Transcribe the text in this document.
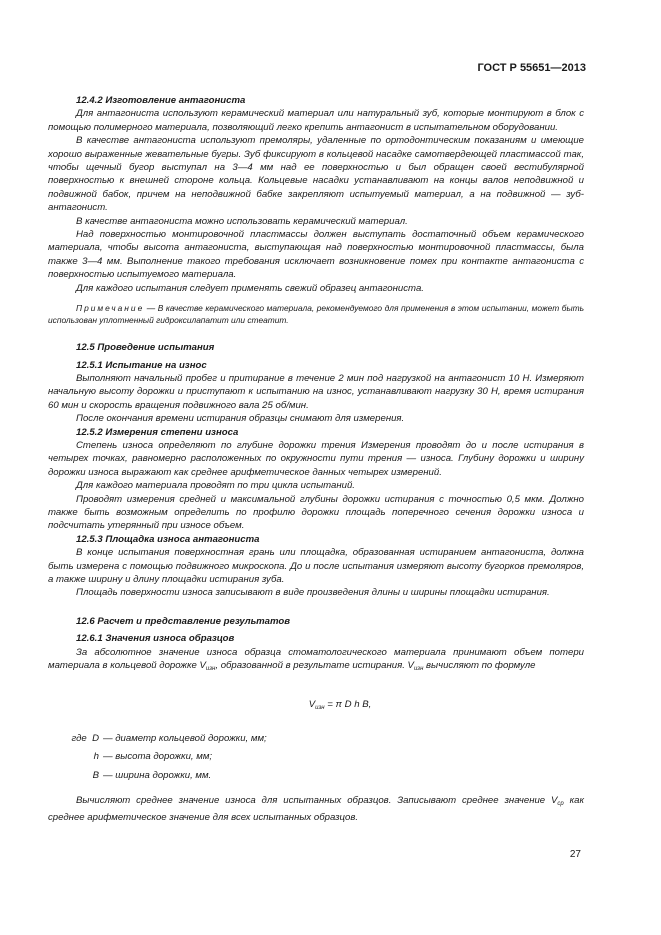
ГОСТ Р 55651—2013
12.4.2 Изготовление антагониста

Для антагониста используют керамический материал или натуральный зуб, которые монтируют в блок с помощью полимерного материала, позволяющий легко крепить антагонист в испытательном оборудовании.

В качестве антагониста используют премоляры, удаленные по ортодонтическим показаниям и имеющие хорошо выраженные жевательные бугры. Зуб фиксируют в кольцевой насадке самотвердеющей пластмассой так, чтобы щечный бугор выступал на 3—4 мм над ее поверхностью и был обращен своей вестибулярной поверхностью к внешней стороне кольца. Кольцевые насадки устанавливают на концы валов неподвижной и подвижной бабок, причем на неподвижной бабке закрепляют испытуемый материал, а на подвижной — зуб-антагонист.

В качестве антагониста можно использовать керамический материал.

Над поверхностью монтировочной пластмассы должен выступать достаточный объем керамического материала, чтобы высота антагониста, выступающая над поверхностью монтировочной пластмассы, была также 3—4 мм. Выполнение такого требования исключает возникновение помех при контакте антагониста с поверхностью испытуемого материала.

Для каждого испытания следует применять свежий образец антагониста.

Примечание — В качестве керамического материала, рекомендуемого для применения в этом испытании, может быть использован уплотненный гидроксилапатит или стеатит.
12.5 Проведение испытания
12.5.1 Испытание на износ

Выполняют начальный пробег и притирание в течение 2 мин под нагрузкой на антагонист 10 Н. Измеряют начальную высоту дорожки и приступают к испытанию на износ, устанавливают нагрузку 30 Н, время истирания 60 мин и скорость вращения подвижного вала 25 об/мин.

После окончания времени истирания образцы снимают для измерения.

12.5.2 Измерения степени износа

Степень износа определяют по глубине дорожки трения Измерения проводят до и после истирания в четырех точках, равномерно расположенных по окружности пути трения — износа. Глубину дорожки и ширину дорожки износа выражают как среднее арифметическое данных четырех измерений.

Для каждого материала проводят по три цикла испытаний.

Проводят измерения средней и максимальной глубины дорожки истирания с точностью 0,5 мкм. Должно также быть возможным определить по профилю дорожки площадь поперечного сечения дорожки износа и подсчитать утерянный при износе объем.

12.5.3 Площадка износа антагониста

В конце испытания поверхностная грань или площадка, образованная истиранием антагониста, должна быть измерена с помощью подвижного микроскопа. До и после испытания измеряют высоту бугорков премоляров, а также ширину и длину площадки истирания зуба.

Площадь поверхности износа записывают в виде произведения длины и ширины площадки истирания.

12.6 Расчет и представление результатов
12.6.1 Значения износа образцов

За абсолютное значение износа образца стоматологического материала принимают объем потери материала в кольцевой дорожке $V_{изн}$, образованной в результате истирания. $V_{изн}$ вычисляют по формуле

$V_{изн} = \pi$ D h B,
где D — диаметр кольцевой дорожки, мм;
h — высота дорожки, мм;
B — ширина дорожки, мм.

Вычисляют среднее значение износа для испытанных образцов. Записывают среднее значение $V_{ср}$ как среднее арифметическое значение для всех испытанных образцов.

27
